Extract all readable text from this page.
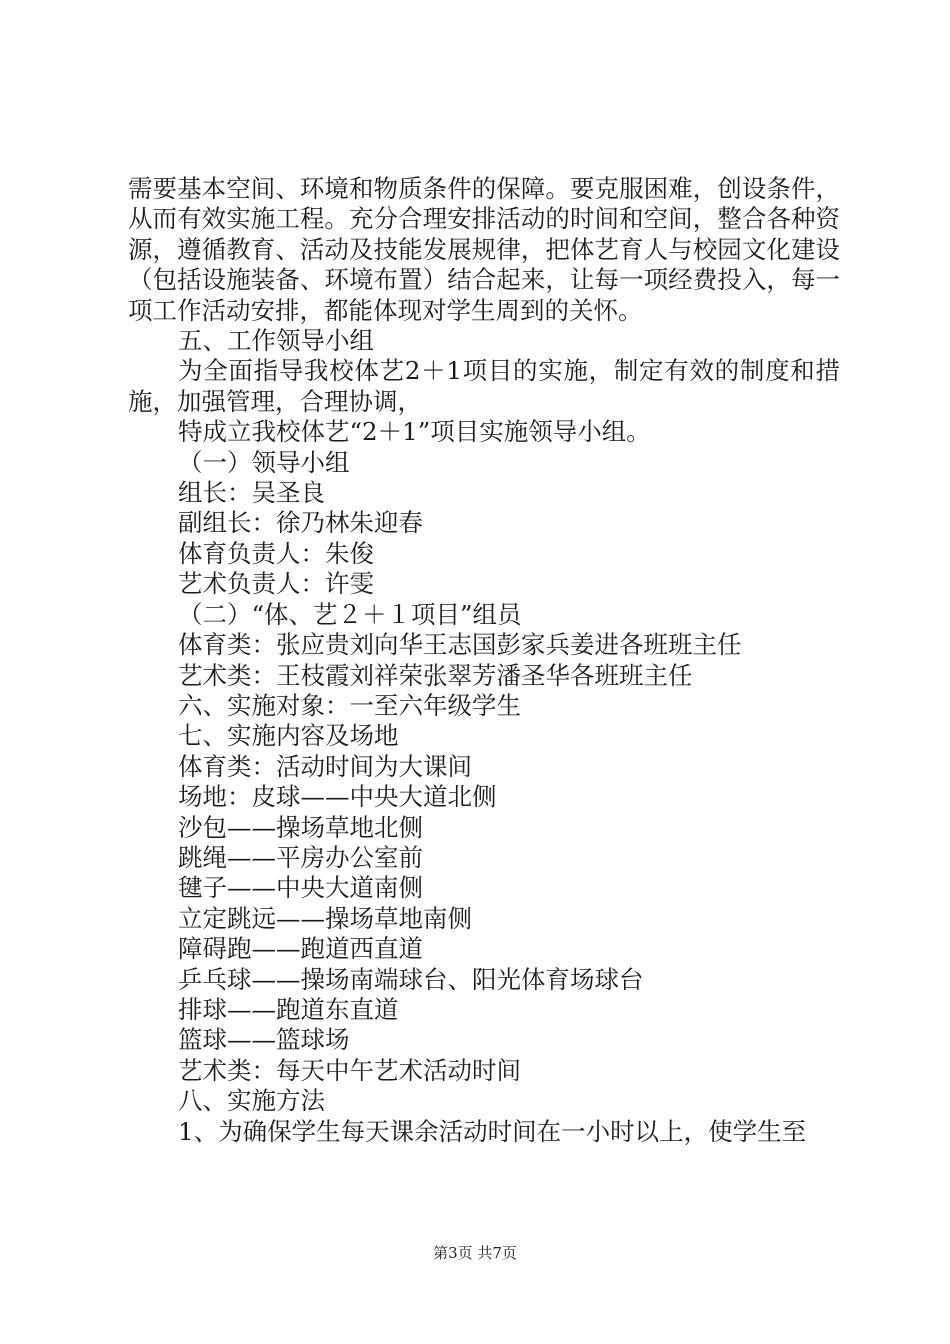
需要基本空间、环境和物质条件的保障。要克服困难，创设条件，从而有效实施工程。充分合理安排活动的时间和空间，整合各种资源，遵循教育、活动及技能发展规律，把体艺育人与校园文化建设（包括设施装备、环境布置）结合起来，让每一项经费投入，每一项工作活动安排，都能体现对学生周到的关怀。

五、工作领导小组

为全面指导我校体艺2＋1项目的实施，制定有效的制度和措施，加强管理，合理协调，

特成立我校体艺“2＋1”项目实施领导小组。

（一）领导小组

组长：吴圣良

副组长：徐乃林朱迎春

体育负责人：朱俊

艺术负责人：许雯

（二）“体、艺２＋１项目”组员

体育类：张应贵刘向华王志国彭家兵姜进各班班主任

艺术类：王枝霞刘祥荣张翠芳潘圣华各班班主任

六、实施对象：一至六年级学生

七、实施内容及场地

体育类：活动时间为大课间

场地：皮球——中央大道北侧

沙包——操场草地北侧

跳绳——平房办公室前

毽子——中央大道南侧

立定跳远——操场草地南侧

障碍跑——跑道西直道

乒乓球——操场南端球台、阳光体育场球台

排球——跑道东直道

篮球——篮球场

艺术类：每天中午艺术活动时间

八、实施方法

1、为确保学生每天课余活动时间在一小时以上，使学生至

第3页 共7页
